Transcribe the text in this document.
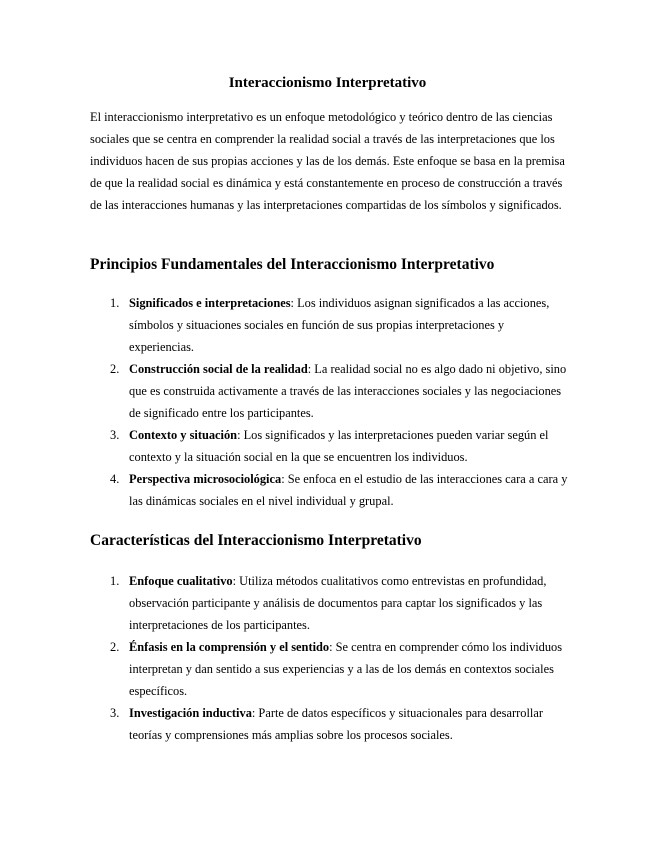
Interaccionismo Interpretativo

El interaccionismo interpretativo es un enfoque metodológico y teórico dentro de las ciencias sociales que se centra en comprender la realidad social a través de las interpretaciones que los individuos hacen de sus propias acciones y las de los demás. Este enfoque se basa en la premisa de que la realidad social es dinámica y está constantemente en proceso de construcción a través de las interacciones humanas y las interpretaciones compartidas de los símbolos y significados.

Principios Fundamentales del Interaccionismo Interpretativo
1. Significados e interpretaciones: Los individuos asignan significados a las acciones, símbolos y situaciones sociales en función de sus propias interpretaciones y experiencias.
2. Construcción social de la realidad: La realidad social no es algo dado ni objetivo, sino que es construida activamente a través de las interacciones sociales y las negociaciones de significado entre los participantes.
3. Contexto y situación: Los significados y las interpretaciones pueden variar según el contexto y la situación social en la que se encuentren los individuos.
4. Perspectiva microsociológica: Se enfoca en el estudio de las interacciones cara a cara y las dinámicas sociales en el nivel individual y grupal.
Características del Interaccionismo Interpretativo
1. Enfoque cualitativo: Utiliza métodos cualitativos como entrevistas en profundidad, observación participante y análisis de documentos para captar los significados y las interpretaciones de los participantes.
2. Énfasis en la comprensión y el sentido: Se centra en comprender cómo los individuos interpretan y dan sentido a sus experiencias y a las de los demás en contextos sociales específicos.
3. Investigación inductiva: Parte de datos específicos y situacionales para desarrollar teorías y comprensiones más amplias sobre los procesos sociales.
